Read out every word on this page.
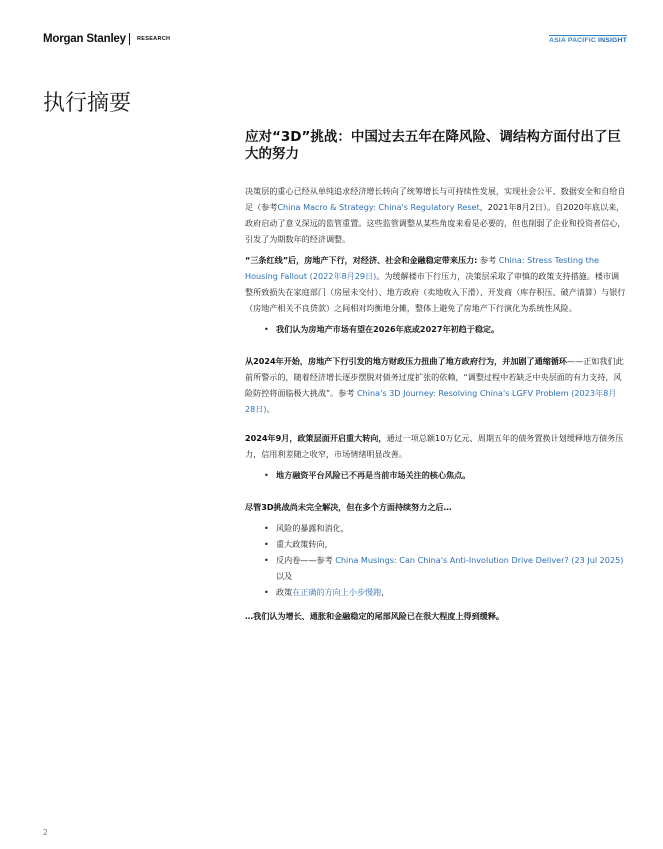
Morgan Stanley RESEARCH	ASIA PACIFIC INSIGHT
执行摘要
应对“3D”挑战：中国过去五年在降风险、调结构方面付出了巨大的努力

决策层的重心已经从单纯追求经济增长转向了统筹增长与可持续性发展，实现社会公平、数据安全和自给自足（参考China Macro & Strategy: China's Regulatory Reset，2021年8月2日）。自2020年底以来，政府启动了意义深远的监管重置。这些监管调整从某些角度来看是必要的，但也削弱了企业和投资者信心，引发了为期数年的经济调整。

“三条红线”后，房地产下行，对经济、社会和金融稳定带来压力: 参考 China: Stress Testing the Housing Fallout (2022年8月29日)。为缓解楼市下行压力，决策层采取了审慎的政策支持措施。楼市调整所致损失在家庭部门（房屋未交付）、地方政府（卖地收入下滑）、开发商（库存积压、破产清算）与银行（房地产相关不良贷款）之间相对均衡地分摊，整体上避免了房地产下行演化为系统性风险。

• 我们认为房地产市场有望在2026年底或2027年初趋于稳定。

从2024年开始，房地产下行引发的地方财政压力扭曲了地方政府行为，并加剧了通缩循环——正如我们此前所警示的，随着经济增长逐步摆脱对债务过度扩张的依赖，“调整过程中若缺乏中央层面的有力支持，风险防控将面临极大挑战”。参考 China's 3D Journey: Resolving China's LGFV Problem (2023年8月28日)。

2024年9月，政策层面开启重大转向，通过一项总额10万亿元、周期五年的债务置换计划缓释地方债务压力，信用利差随之收窄，市场情绪明显改善。

• 地方融资平台风险已不再是当前市场关注的核心焦点。

尽管3D挑战尚未完全解决，但在多个方面持续努力之后…

• 风险的暴露和消化，
• 重大政策转向，
• 反内卷——参考 China Musings: Can China's Anti-Involution Drive Deliver? (23 Jul 2025)以及
• 政策在正确的方向上小步慢跑，

…我们认为增长、通胀和金融稳定的尾部风险已在很大程度上得到缓释。

2
